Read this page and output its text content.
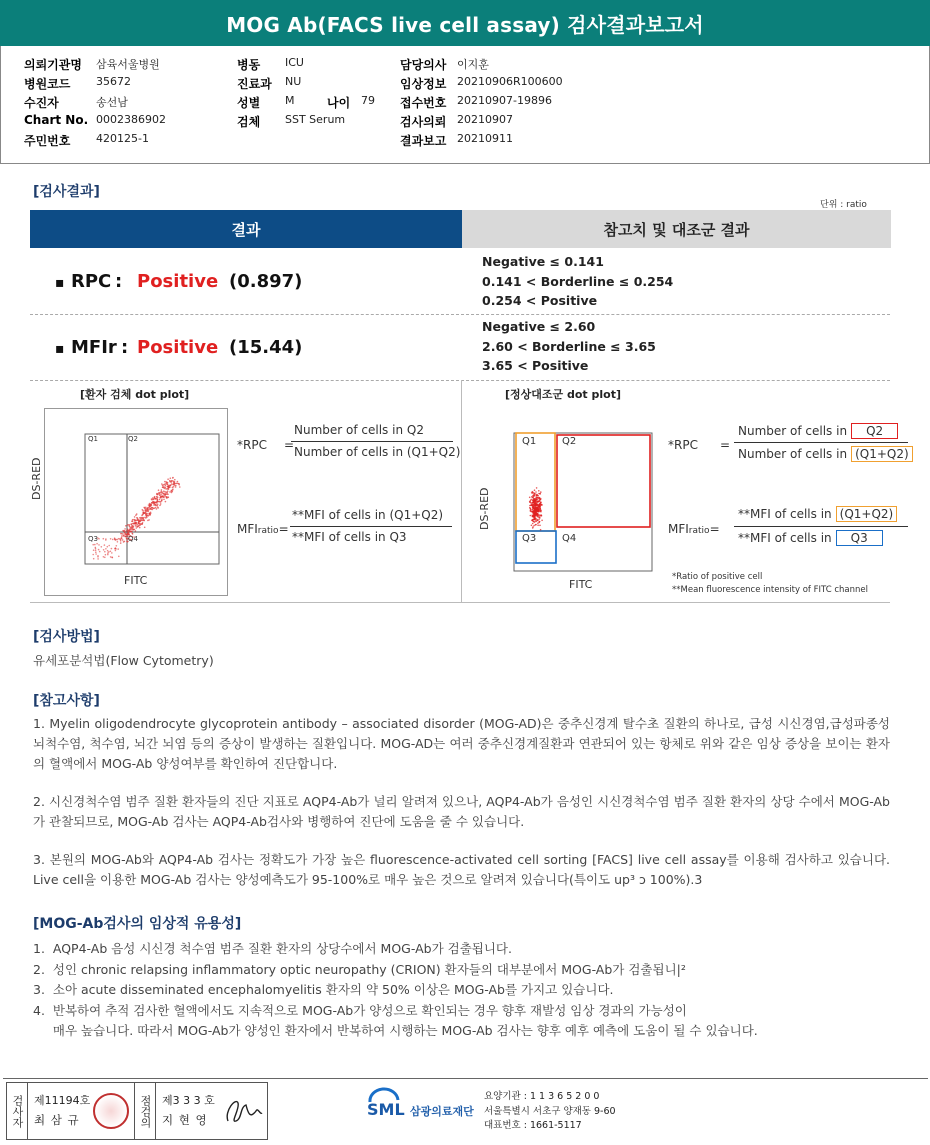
MOG Ab(FACS live cell assay) 검사결과보고서
의뢰기관명	삼육서울병원
병원코드	35672
수진자	송선남
Chart No. 0002386902
주민번호	420125-1
병동	ICU
진료과	NU
성별	M	나이 79
검체	SST Serum
담당의사 이지훈
임상정보 20210906R100600
접수번호 20210907-19896
검사의뢰 20210907
결과보고 20210911
[검사결과]
단위 : ratio
결과	참고치 및 대조군 결과
▪ RPC : Positive (0.897)
Negative ≤ 0.141
0.141 < Borderline ≤ 0.254
0.254 < Positive
▪ MFIr : Positive (15.44)
Negative ≤ 2.60
2.60 < Borderline ≤ 3.65
3.65 < Positive
[환자 검체 dot plot]	[정상대조군 dot plot]
Q1	Q2
Q3	Q4
DS-RED
FITC
*RPC =
Number of cells in Q2
Number of cells in (Q1+Q2)
MFIratio=
**MFI of cells in (Q1+Q2)
**MFI of cells in Q3
Q1	Q2
Q3	Q4
DS-RED
FITC
*RPC =
Number of cells in	Q2
Number of cells in (Q1+Q2)
MFIratio=
**MFI of cells in (Q1+Q2)
**MFI of cells in	Q3
*Ratio of positive cell
**Mean fluorescence intensity of FITC channel
[검사방법]
유세포분석법(Flow Cytometry)
[참고사항]
1. Myelin oligodendrocyte glycoprotein antibody – associated disorder (MOG-AD)은 중추신경계 탈수초 질환의 하나로, 급성 시신경염,급성파종성 뇌척수염, 척수염, 뇌간 뇌염 등의 증상이 발생하는 질환입니다. MOG-AD는 여러 중추신경계질환과 연관되어 있는 항체로 위와 같은 임상 증상을 보이는 환자의 혈액에서 MOG-Ab 양성여부를 확인하여 진단합니다.
2. 시신경척수염 범주 질환 환자들의 진단 지표로 AQP4-Ab가 널리 알려져 있으나, AQP4-Ab가 음성인 시신경척수염 범주 질환 환자의 상당 수에서 MOG-Ab가 관찰되므로, MOG-Ab 검사는 AQP4-Ab검사와 병행하여 진단에 도움을 줄 수 있습니다.
3. 본원의 MOG-Ab와 AQP4-Ab 검사는 정확도가 가장 높은 fluorescence-activated cell sorting [FACS] live cell assay를 이용해 검사하고 있습니다. Live cell을 이용한 MOG-Ab 검사는 양성예측도가 95-100%로 매우 높은 것으로 알려져 있습니다(특이도 up³ ɔ 100%).3
[MOG-Ab검사의 임상적 유용성]
1.  AQP4-Ab 음성 시신경 척수염 범주 질환 환자의 상당수에서 MOG-Ab가 검출됩니다.
2.  성인 chronic relapsing inflammatory optic neuropathy (CRION) 환자들의 대부분에서 MOG-Ab가 검출됩니|²
3.  소아 acute disseminated encephalomyelitis 환자의 약 50% 이상은 MOG-Ab를 가지고 있습니다.
4.  반복하여 추적 검사한 혈액에서도 지속적으로 MOG-Ab가 양성으로 확인되는 경우 향후 재발성 임상 경과의 가능성이
매우 높습니다. 따라서 MOG-Ab가 양성인 환자에서 반복하여 시행하는 MOG-Ab 검사는 향후 예후 예측에 도움이 될 수 있습니다.
검사자 제11194호
최 삼 규	점검의 제3 3 3 호
지 현 영
SML 삼광의료재단
요양기관 : 1 1 3 6 5 2 0 0
서울특별시 서초구 양재동 9-60
대표번호 : 1661-5117
